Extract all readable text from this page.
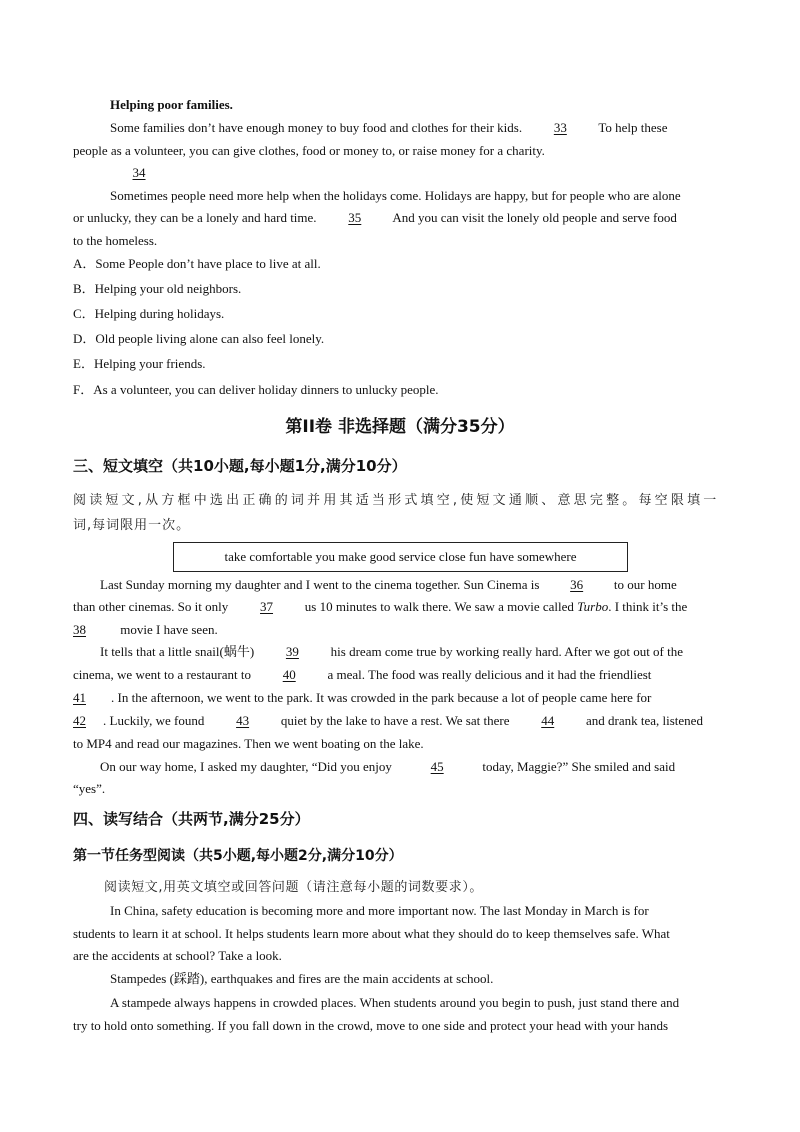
Helping poor families.
Some families don’t have enough money to buy food and clothes for their kids. 33 To help these
people as a volunteer, you can give clothes, food or money to, or raise money for a charity.
34
Sometimes people need more help when the holidays come. Holidays are happy, but for people who are alone
or unlucky, they can be a lonely and hard time. 35 And you can visit the lonely old people and serve food
to the homeless.
A．Some People don’t have place to live at all.
B．Helping your old neighbors.
C．Helping during holidays.
D．Old people living alone can also feel lonely.
E．Helping your friends.
F．As a volunteer, you can deliver holiday dinners to unlucky people.
第II卷 非选择题（满分35分）
三、短文填空（共10小题,每小题1分,满分10分）
阅读短文,从方框中选出正确的词并用其适当形式填空,使短文通顺、意思完整。每空限填一
词,每词限用一次。
take comfortable you make good service close fun have somewhere
Last Sunday morning my daughter and I went to the cinema together. Sun Cinema is 36 to our home
than other cinemas. So it only 37 us 10 minutes to walk there. We saw a movie called Turbo. I think it’s the
38	movie I have seen.
It tells that a little snail(蜗牛) 39 his dream come true by working really hard. After we got out of the
cinema, we went to a restaurant to 40 a meal. The food was really delicious and it had the friendliest
41 . In the afternoon, we went to the park. It was crowded in the park because a lot of people came here for
42 . Luckily, we found 43 quiet by the lake to have a rest. We sat there 44 and drank tea, listened
to MP4 and read our magazines. Then we went boating on the lake.
On our way home, I asked my daughter, “Did you enjoy	45	today, Maggie?” She smiled and said
“yes”.
四、读写结合（共两节,满分25分）
第一节任务型阅读（共5小题,每小题2分,满分10分）
阅读短文,用英文填空或回答问题（请注意每小题的词数要求）。
In China, safety education is becoming more and more important now. The last Monday in March is for
students to learn it at school. It helps students learn more about what they should do to keep themselves safe. What
are the accidents at school? Take a look.
Stampedes (踩踏), earthquakes and fires are the main accidents at school.
A stampede always happens in crowded places. When students around you begin to push, just stand there and
try to hold onto something. If you fall down in the crowd, move to one side and protect your head with your hands
